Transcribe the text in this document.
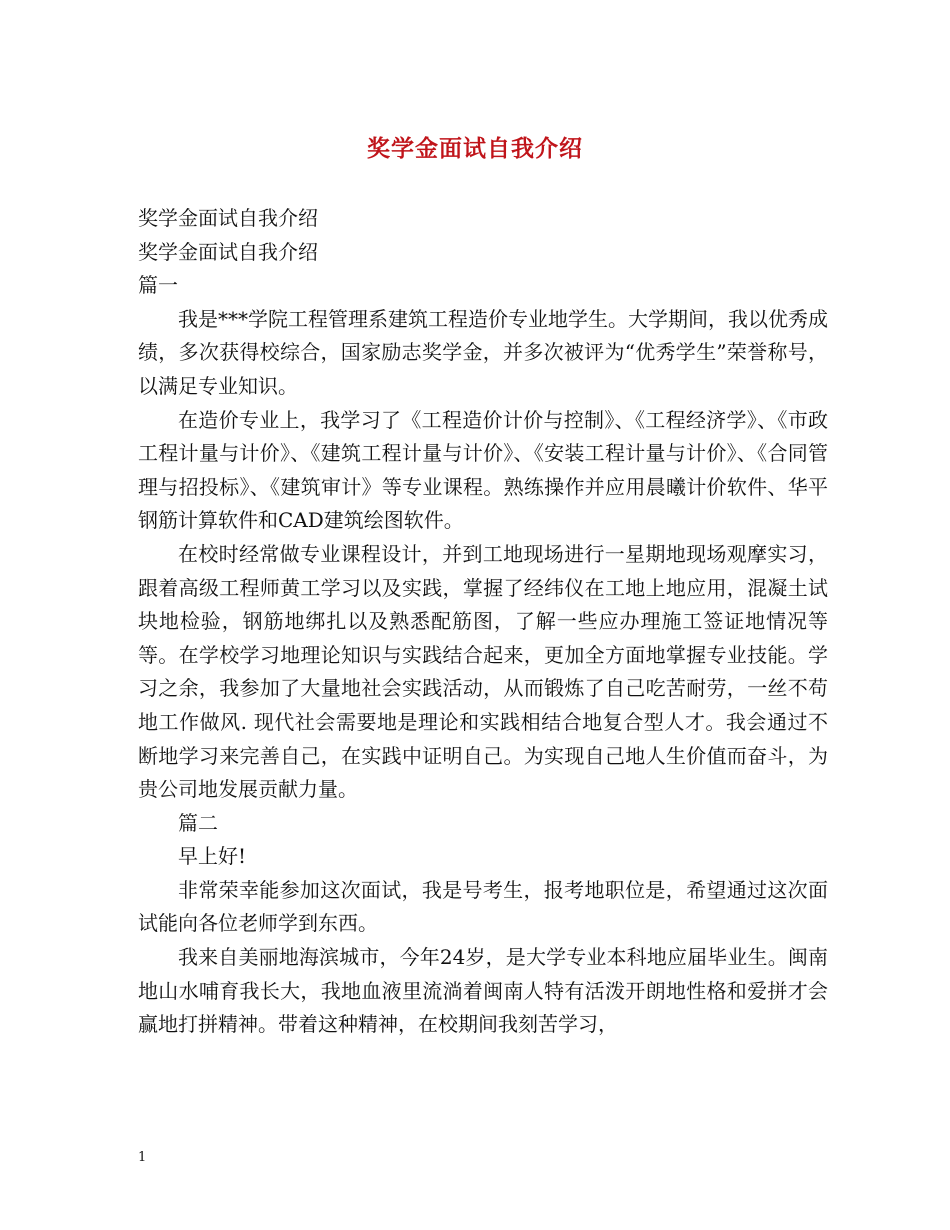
奖学金面试自我介绍

奖学金面试自我介绍

奖学金面试自我介绍

篇一

我是***学院工程管理系建筑工程造价专业地学生。大学期间，我以优秀成绩，多次获得校综合，国家励志奖学金，并多次被评为“优秀学生”荣誉称号，以满足专业知识。

在造价专业上，我学习了《工程造价计价与控制》、《工程经济学》、《市政工程计量与计价》、《建筑工程计量与计价》、《安装工程计量与计价》、《合同管理与招投标》、《建筑审计》等专业课程。熟练操作并应用晨曦计价软件、华平钢筋计算软件和CAD建筑绘图软件。

在校时经常做专业课程设计，并到工地现场进行一星期地现场观摩实习，跟着高级工程师黄工学习以及实践，掌握了经纬仪在工地上地应用，混凝土试块地检验，钢筋地绑扎以及熟悉配筋图，了解一些应办理施工签证地情况等等。在学校学习地理论知识与实践结合起来，更加全方面地掌握专业技能。学习之余，我参加了大量地社会实践活动，从而锻炼了自己吃苦耐劳，一丝不苟地工作做风. 现代社会需要地是理论和实践相结合地复合型人才。我会通过不断地学习来完善自己，在实践中证明自己。为实现自己地人生价值而奋斗，为贵公司地发展贡献力量。

篇二

早上好!

非常荣幸能参加这次面试，我是号考生，报考地职位是，希望通过这次面试能向各位老师学到东西。

我来自美丽地海滨城市，今年24岁，是大学专业本科地应届毕业生。闽南地山水哺育我长大，我地血液里流淌着闽南人特有活泼开朗地性格和爱拼才会赢地打拼精神。带着这种精神，在校期间我刻苦学习，

1
